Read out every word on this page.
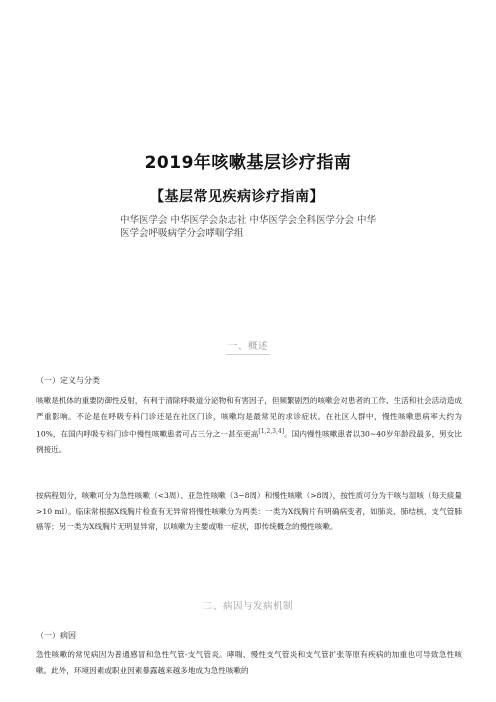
2019年咳嗽基层诊疗指南
【基层常见疾病诊疗指南】
中华医学会 中华医学会杂志社 中华医学会全科医学分会 中华医学会呼吸病学分会哮喘学组
一、概述
（一）定义与分类

咳嗽是机体的重要防御性反射，有利于清除呼吸道分泌物和有害因子，但频繁剧烈的咳嗽会对患者的工作、生活和社会活动造成严重影响。不论是在呼吸专科门诊还是在社区门诊，咳嗽均是最常见的求诊症状。在社区人群中，慢性咳嗽患病率大约为10%，在国内呼吸专科门诊中慢性咳嗽患者可占三分之一甚至更高[1,2,3,4]。国内慢性咳嗽患者以30~40岁年龄段最多，男女比例接近。

按病程划分，咳嗽可分为急性咳嗽（<3周）、亚急性咳嗽（3~8周）和慢性咳嗽（>8周），按性质可分为干咳与湿咳（每天痰量>10 ml）。临床常根据X线胸片检查有无异常将慢性咳嗽分为两类：一类为X线胸片有明确病变者，如肺炎、肺结核、支气管肺癌等；另一类为X线胸片无明显异常，以咳嗽为主要或唯一症状，即传统概念的慢性咳嗽。

二、病因与发病机制
（一）病因

急性咳嗽的常见病因为普通感冒和急性气管-支气管炎。哮喘、慢性支气管炎和支气管扩张等原有疾病的加重也可导致急性咳嗽。此外，环境因素或职业因素暴露越来越多地成为急性咳嗽的
